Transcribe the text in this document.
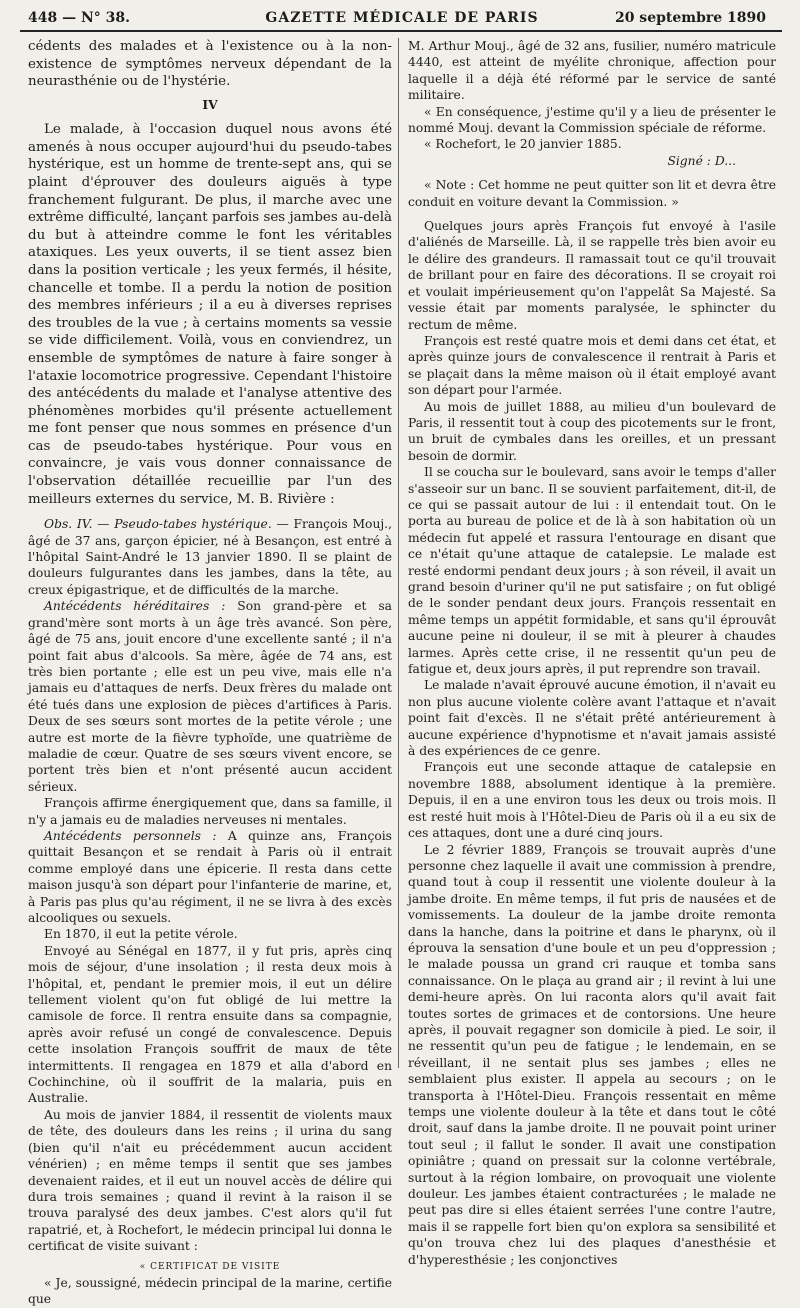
448 — N° 38.	GAZETTE MÉDICALE DE PARIS	20 septembre 1890

cédents des malades et à l'existence ou à la non-existence de symptômes nerveux dépendant de la neurasthénie ou de l'hystérie.

IV

Le malade, à l'occasion duquel nous avons été amenés à nous occuper aujourd'hui du pseudo-tabes hystérique, est un homme de trente-sept ans, qui se plaint d'éprouver des douleurs aiguës à type franchement fulgurant. De plus, il marche avec une extrême difficulté, lançant parfois ses jambes au-delà du but à atteindre comme le font les véritables ataxiques. Les yeux ouverts, il se tient assez bien dans la position verticale ; les yeux fermés, il hésite, chancelle et tombe. Il a perdu la notion de position des membres inférieurs ; il a eu à diverses reprises des troubles de la vue ; à certains moments sa vessie se vide difficilement. Voilà, vous en conviendrez, un ensemble de symptômes de nature à faire songer à l'ataxie locomotrice progressive. Cependant l'histoire des antécédents du malade et l'analyse attentive des phénomènes morbides qu'il présente actuellement me font penser que nous sommes en présence d'un cas de pseudo-tabes hystérique. Pour vous en convaincre, je vais vous donner connaissance de l'observation détaillée recueillie par l'un des meilleurs externes du service, M. B. Rivière :

Obs. IV. — Pseudo-tabes hystérique. — François Mouj., âgé de 37 ans, garçon épicier, né à Besançon, est entré à l'hôpital Saint-André le 13 janvier 1890. Il se plaint de douleurs fulgurantes dans les jambes, dans la tête, au creux épigastrique, et de difficultés de la marche.

Antécédents héréditaires : Son grand-père et sa grand'mère sont morts à un âge très avancé. Son père, âgé de 75 ans, jouit encore d'une excellente santé ; il n'a point fait abus d'alcools. Sa mère, âgée de 74 ans, est très bien portante ; elle est un peu vive, mais elle n'a jamais eu d'attaques de nerfs. Deux frères du malade ont été tués dans une explosion de pièces d'artifices à Paris. Deux de ses sœurs sont mortes de la petite vérole ; une autre est morte de la fièvre typhoïde, une quatrième de maladie de cœur. Quatre de ses sœurs vivent encore, se portent très bien et n'ont présenté aucun accident sérieux.

François affirme énergiquement que, dans sa famille, il n'y a jamais eu de maladies nerveuses ni mentales.

Antécédents personnels : A quinze ans, François quittait Besançon et se rendait à Paris où il entrait comme employé dans une épicerie. Il resta dans cette maison jusqu'à son départ pour l'infanterie de marine, et, à Paris pas plus qu'au régiment, il ne se livra à des excès alcooliques ou sexuels.

En 1870, il eut la petite vérole.

Envoyé au Sénégal en 1877, il y fut pris, après cinq mois de séjour, d'une insolation ; il resta deux mois à l'hôpital, et, pendant le premier mois, il eut un délire tellement violent qu'on fut obligé de lui mettre la camisole de force. Il rentra ensuite dans sa compagnie, après avoir refusé un congé de convalescence. Depuis cette insolation François souffrit de maux de tête intermittents. Il rengagea en 1879 et alla d'abord en Cochinchine, où il souffrit de la malaria, puis en Australie.

Au mois de janvier 1884, il ressentit de violents maux de tête, des douleurs dans les reins ; il urina du sang (bien qu'il n'ait eu précédemment aucun accident vénérien) ; en même temps il sentit que ses jambes devenaient raides, et il eut un nouvel accès de délire qui dura trois semaines ; quand il revint à la raison il se trouva paralysé des deux jambes. C'est alors qu'il fut rapatrié, et, à Rochefort, le médecin principal lui donna le certificat de visite suivant :

« CERTIFICAT DE VISITE

« Je, soussigné, médecin principal de la marine, certifie que

M. Arthur Mouj., âgé de 32 ans, fusilier, numéro matricule 4440, est atteint de myélite chronique, affection pour laquelle il a déjà été réformé par le service de santé militaire.

« En conséquence, j'estime qu'il y a lieu de présenter le nommé Mouj. devant la Commission spéciale de réforme.

« Rochefort, le 20 janvier 1885.

Signé : D...

« Note : Cet homme ne peut quitter son lit et devra être conduit en voiture devant la Commission. »

Quelques jours après François fut envoyé à l'asile d'aliénés de Marseille. Là, il se rappelle très bien avoir eu le délire des grandeurs. Il ramassait tout ce qu'il trouvait de brillant pour en faire des décorations. Il se croyait roi et voulait impérieusement qu'on l'appelât Sa Majesté. Sa vessie était par moments paralysée, le sphincter du rectum de même.

François est resté quatre mois et demi dans cet état, et après quinze jours de convalescence il rentrait à Paris et se plaçait dans la même maison où il était employé avant son départ pour l'armée.

Au mois de juillet 1888, au milieu d'un boulevard de Paris, il ressentit tout à coup des picotements sur le front, un bruit de cymbales dans les oreilles, et un pressant besoin de dormir.

Il se coucha sur le boulevard, sans avoir le temps d'aller s'asseoir sur un banc. Il se souvient parfaitement, dit-il, de ce qui se passait autour de lui : il entendait tout. On le porta au bureau de police et de là à son habitation où un médecin fut appelé et rassura l'entourage en disant que ce n'était qu'une attaque de catalepsie. Le malade est resté endormi pendant deux jours ; à son réveil, il avait un grand besoin d'uriner qu'il ne put satisfaire ; on fut obligé de le sonder pendant deux jours. François ressentait en même temps un appétit formidable, et sans qu'il éprouvât aucune peine ni douleur, il se mit à pleurer à chaudes larmes. Après cette crise, il ne ressentit qu'un peu de fatigue et, deux jours après, il put reprendre son travail.

Le malade n'avait éprouvé aucune émotion, il n'avait eu non plus aucune violente colère avant l'attaque et n'avait point fait d'excès. Il ne s'était prêté antérieurement à aucune expérience d'hypnotisme et n'avait jamais assisté à des expériences de ce genre.

François eut une seconde attaque de catalepsie en novembre 1888, absolument identique à la première. Depuis, il en a une environ tous les deux ou trois mois. Il est resté huit mois à l'Hôtel-Dieu de Paris où il a eu six de ces attaques, dont une a duré cinq jours.

Le 2 février 1889, François se trouvait auprès d'une personne chez laquelle il avait une commission à prendre, quand tout à coup il ressentit une violente douleur à la jambe droite. En même temps, il fut pris de nausées et de vomissements. La douleur de la jambe droite remonta dans la hanche, dans la poitrine et dans le pharynx, où il éprouva la sensation d'une boule et un peu d'oppression ; le malade poussa un grand cri rauque et tomba sans connaissance. On le plaça au grand air ; il revint à lui une demi-heure après. On lui raconta alors qu'il avait fait toutes sortes de grimaces et de contorsions. Une heure après, il pouvait regagner son domicile à pied. Le soir, il ne ressentit qu'un peu de fatigue ; le lendemain, en se réveillant, il ne sentait plus ses jambes ; elles ne semblaient plus exister. Il appela au secours ; on le transporta à l'Hôtel-Dieu. François ressentait en même temps une violente douleur à la tête et dans tout le côté droit, sauf dans la jambe droite. Il ne pouvait point uriner tout seul ; il fallut le sonder. Il avait une constipation opiniâtre ; quand on pressait sur la colonne vertébrale, surtout à la région lombaire, on provoquait une violente douleur. Les jambes étaient contracturées ; le malade ne peut pas dire si elles étaient serrées l'une contre l'autre, mais il se rappelle fort bien qu'on explora sa sensibilité et qu'on trouva chez lui des plaques d'anesthésie et d'hyperesthésie ; les conjonctives
